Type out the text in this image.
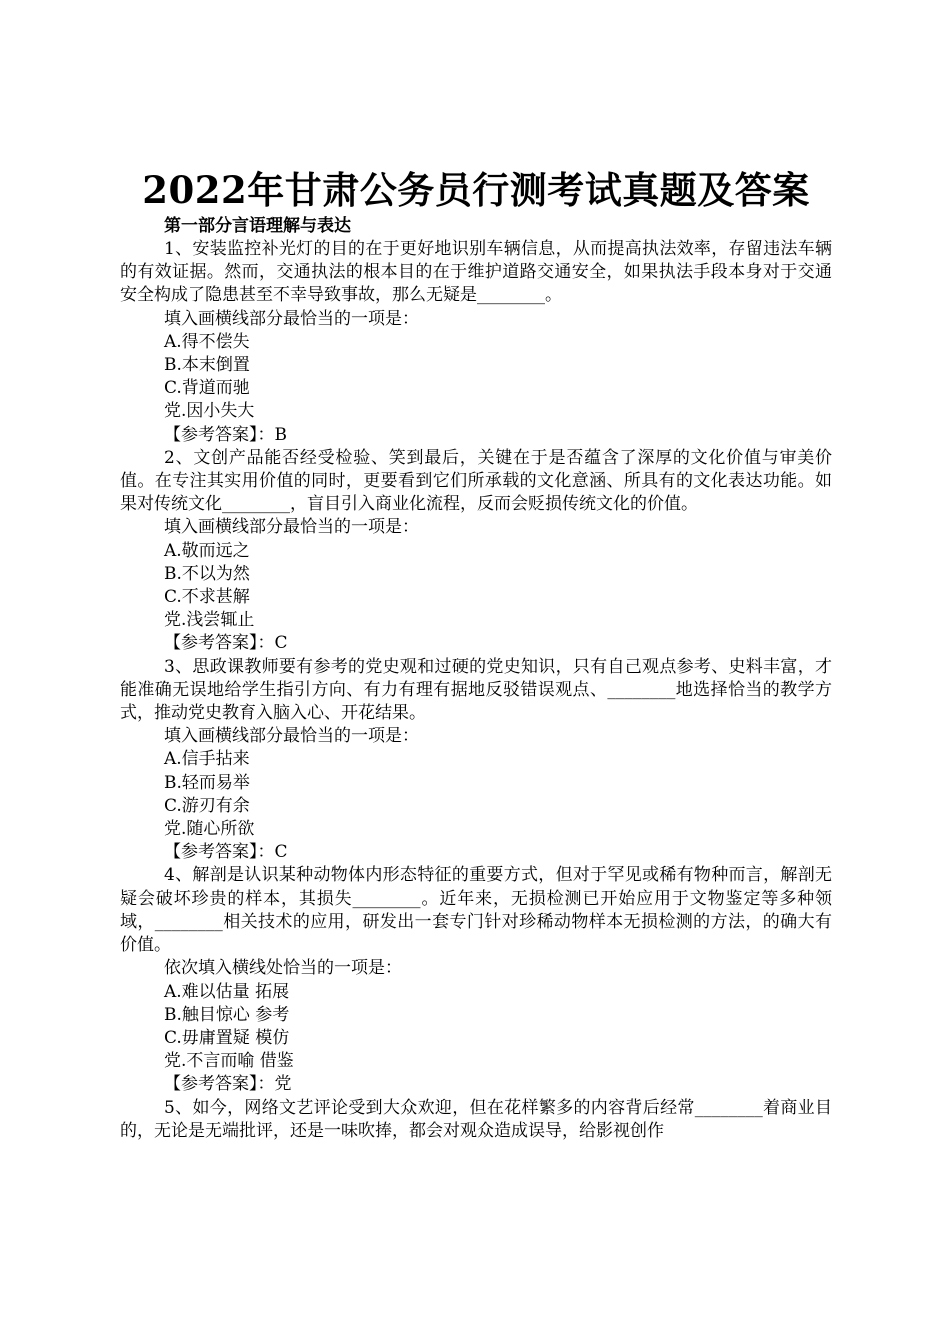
2022年甘肃公务员行测考试真题及答案

第一部分言语理解与表达

1、安装监控补光灯的目的在于更好地识别车辆信息，从而提高执法效率，存留违法车辆的有效证据。然而，交通执法的根本目的在于维护道路交通安全，如果执法手段本身对于交通安全构成了隐患甚至不幸导致事故，那么无疑是________。

填入画横线部分最恰当的一项是：

A.得不偿失

B.本末倒置

C.背道而驰

党.因小失大

【参考答案】：B

2、文创产品能否经受检验、笑到最后，关键在于是否蕴含了深厚的文化价值与审美价值。在专注其实用价值的同时，更要看到它们所承载的文化意涵、所具有的文化表达功能。如果对传统文化________，盲目引入商业化流程，反而会贬损传统文化的价值。

填入画横线部分最恰当的一项是：

A.敬而远之

B.不以为然

C.不求甚解

党.浅尝辄止

【参考答案】：C

3、思政课教师要有参考的党史观和过硬的党史知识，只有自己观点参考、史料丰富，才能准确无误地给学生指引方向、有力有理有据地反驳错误观点、________地选择恰当的教学方式，推动党史教育入脑入心、开花结果。

填入画横线部分最恰当的一项是：

A.信手拈来

B.轻而易举

C.游刃有余

党.随心所欲

【参考答案】：C

4、解剖是认识某种动物体内形态特征的重要方式，但对于罕见或稀有物种而言，解剖无疑会破坏珍贵的样本，其损失________。近年来，无损检测已开始应用于文物鉴定等多种领域，________相关技术的应用，研发出一套专门针对珍稀动物样本无损检测的方法，的确大有价值。

依次填入横线处恰当的一项是：

A.难以估量 拓展

B.触目惊心 参考

C.毋庸置疑 模仿

党.不言而喻 借鉴

【参考答案】：党

5、如今，网络文艺评论受到大众欢迎，但在花样繁多的内容背后经常________着商业目的，无论是无端批评，还是一味吹捧，都会对观众造成误导，给影视创作
